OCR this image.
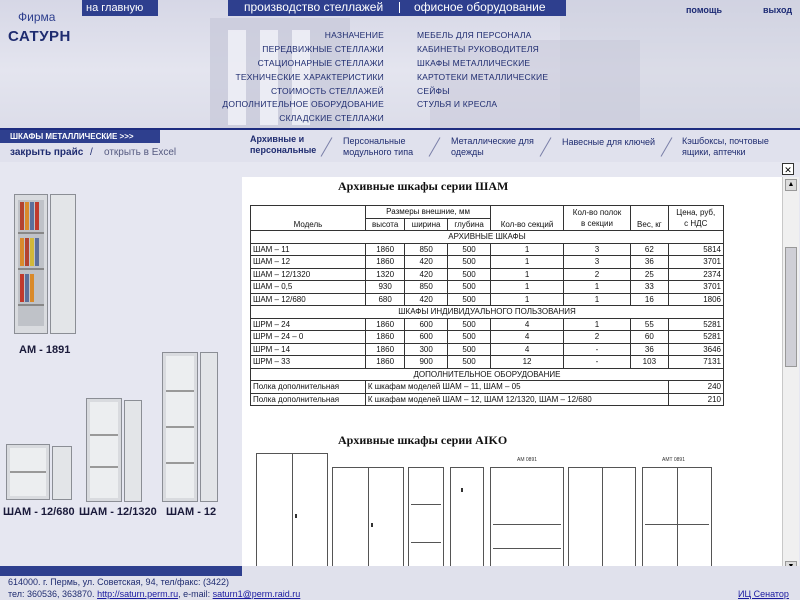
Фирма
САТУРН
на главную	производство стеллажей	офисное оборудование	помощь	выход
НАЗНАЧЕНИЕ
ПЕРЕДВИЖНЫЕ СТЕЛЛАЖИ
СТАЦИОНАРНЫЕ СТЕЛЛАЖИ
ТЕХНИЧЕСКИЕ ХАРАКТЕРИСТИКИ
СТОИМОСТЬ СТЕЛЛАЖЕЙ
ДОПОЛНИТЕЛЬНОЕ ОБОРУДОВАНИЕ
СКЛАДСКИЕ СТЕЛЛАЖИ
МЕБЕЛЬ ДЛЯ ПЕРСОНАЛА
КАБИНЕТЫ РУКОВОДИТЕЛЯ
ШКАФЫ МЕТАЛЛИЧЕСКИЕ
КАРТОТЕКИ МЕТАЛЛИЧЕСКИЕ
СЕЙФЫ
СТУЛЬЯ И КРЕСЛА
ШКАФЫ МЕТАЛЛИЧЕСКИЕ >>>
закрыть прайс / открыть в Excel
Архивные и
персональные
Персональные
модульного типа
Металлические для
одежды
Навесные для ключей	Кэшбоксы, почтовые
ящики, аптечки
АМ - 1891
ШАМ - 12/680 ШАМ - 12/1320 ШАМ - 12
Архивные шкафы серии ШАМ
Модель	Размеры внешние, мм			Кол-во секций	Кол-во полок
в секции	Вес, кг	Цена, руб,
с НДС
	высота	ширина	глубина				
АРХИВНЫЕ ШКАФЫ							
ШАМ – 11	1860	850	500	1	3	62	5814
ШАМ – 12	1860	420	500	1	3	36	3701
ШАМ – 12/1320	1320	420	500	1	2	25	2374
ШАМ – 0,5	930	850	500	1	1	33	3701
ШАМ – 12/680	680	420	500	1	1	16	1806
ШКАФЫ ИНДИВИДУАЛЬНОГО ПОЛЬЗОВАНИЯ							
ШРМ – 24	1860	600	500	4	1	55	5281
ШРМ – 24 – 0	1860	600	500	4	2	60	5281
ШРМ – 14	1860	300	500	4	-	36	3646
ШРМ – 33	1860	900	500	12	-	103	7131
ДОПОЛНИТЕЛЬНОЕ ОБОРУДОВАНИЕ							
Полка дополнительная	К шкафам моделей ШАМ – 11, ШАМ – 05						240
Полка дополнительная	К шкафам моделей ШАМ – 12, ШАМ 12/1320, ШАМ – 12/680						210
Архивные шкафы серии AIKO
AM 0891	AMT 0891
▲
✕
614000. г. Пермь, ул. Советская, 94, тел/факс: (3422)
тел: 360536, 363870. http://saturn.perm.ru, e-mail: saturn1@perm.raid.ru	ИЦ Сенатор
